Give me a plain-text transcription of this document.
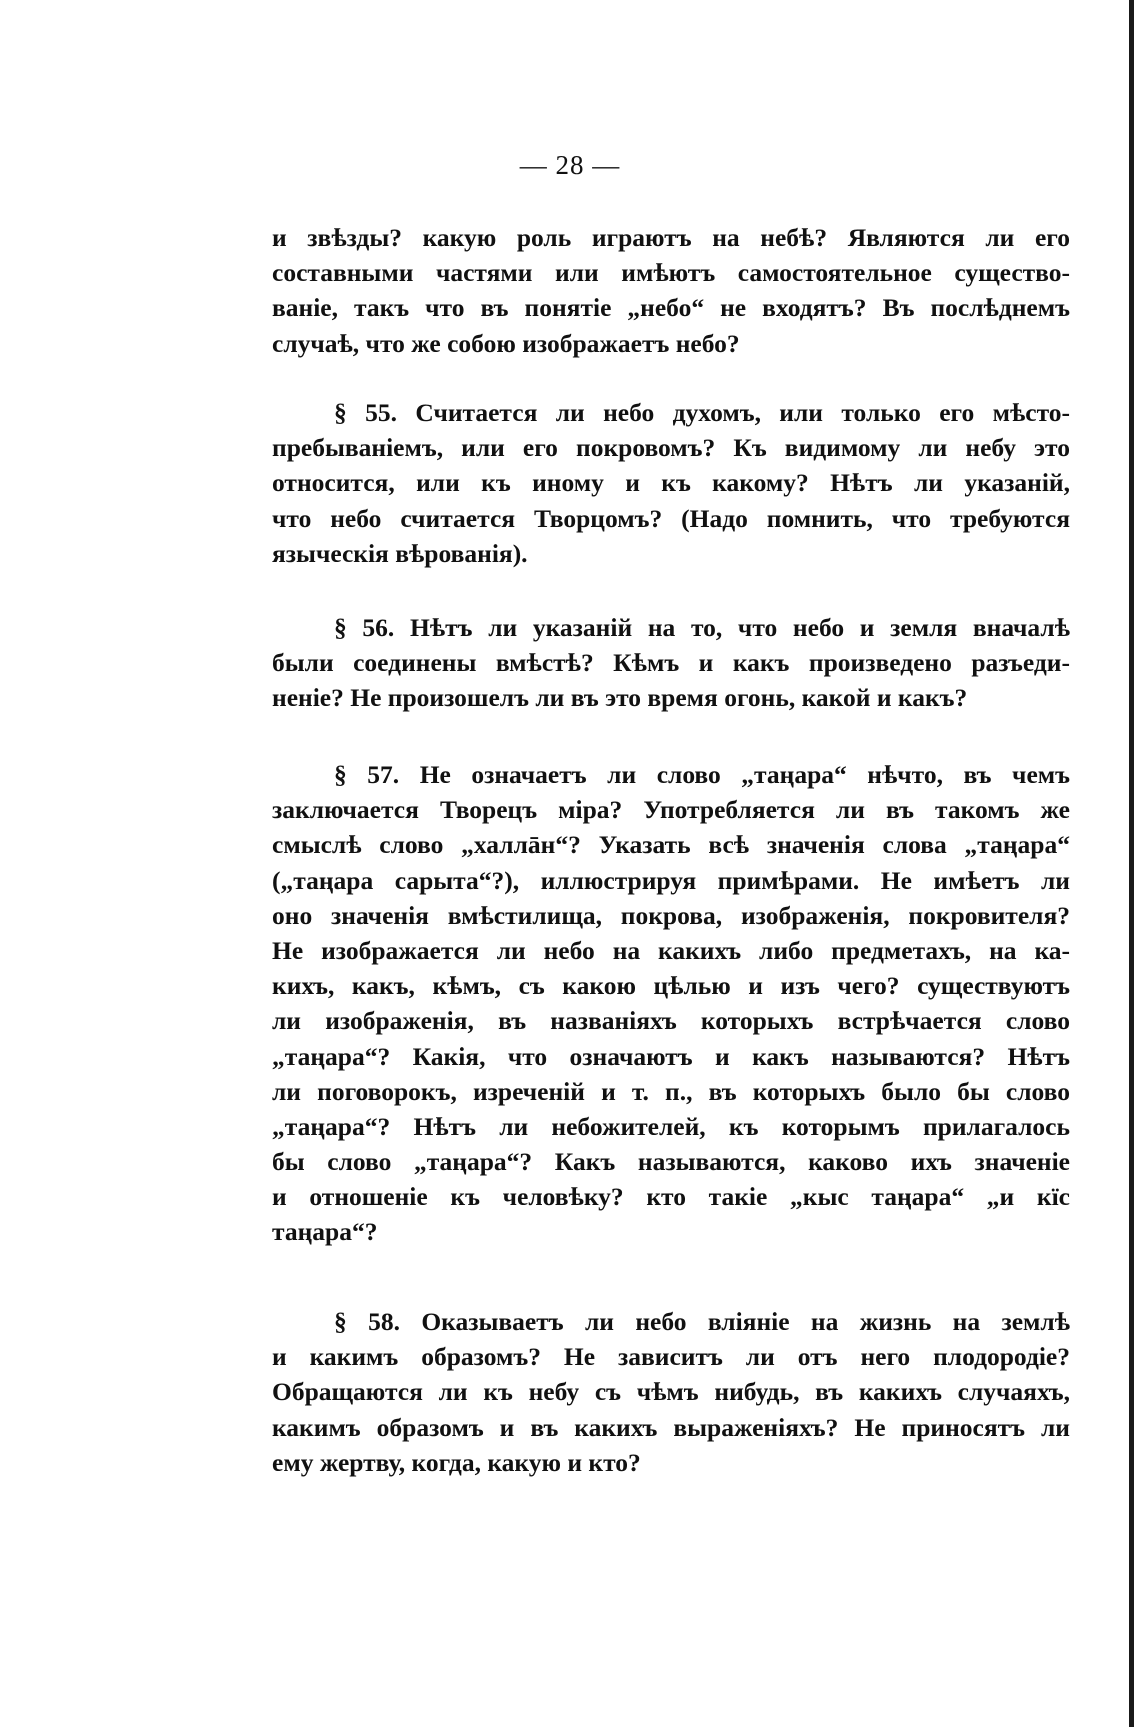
— 28 —
и звѣзды? какую роль играютъ на небѣ? Являются ли его
составными частями или имѣютъ самостоятельное существо-
ваніе, такъ что въ понятіе „небо“ не входятъ? Въ послѣднемъ
случаѣ, что же собою изображаетъ небо?
§ 55. Считается ли небо духомъ, или только его мѣсто-
пребываніемъ, или его покровомъ? Къ видимому ли небу это
относится, или къ иному и къ какому? Нѣтъ ли указаній,
что небо считается Творцомъ? (Надо помнить, что требуются
языческія вѣрованія).
§ 56. Нѣтъ ли указаній на то, что небо и земля вначалѣ
были соединены вмѣстѣ? Кѣмъ и какъ произведено разъеди-
неніе? Не произошелъ ли въ это время огонь, какой и какъ?
§ 57. Не означаетъ ли слово „таңара“ нѣчто, въ чемъ
заключается Творецъ міра? Употребляется ли въ такомъ же
смыслѣ слово „халлāн“? Указать всѣ значенія слова „таңара“
(„таңара сарыта“?), иллюстрируя примѣрами. Не имѣетъ ли
оно значенія вмѣстилища, покрова, изображенія, покровителя?
Не изображается ли небо на какихъ либо предметахъ, на ка-
кихъ, какъ, кѣмъ, съ какою цѣлью и изъ чего? существуютъ
ли изображенія, въ названіяхъ которыхъ встрѣчается слово
„таңара“? Какія, что означаютъ и какъ называются? Нѣтъ
ли поговорокъ, изреченій и т. п., въ которыхъ было бы слово
„таңара“? Нѣтъ ли небожителей, къ которымъ прилагалось
бы слово „таңара“? Какъ называются, каково ихъ значеніе
и отношеніе къ человѣку? кто такіе „кыс таңара“ „и кїс
таңара“?
§ 58. Оказываетъ ли небо вліяніе на жизнь на землѣ
и какимъ образомъ? Не зависитъ ли отъ него плодородіе?
Обращаются ли къ небу съ чѣмъ нибудь, въ какихъ случаяхъ,
какимъ образомъ и въ какихъ выраженіяхъ? Не приносятъ ли
ему жертву, когда, какую и кто?
